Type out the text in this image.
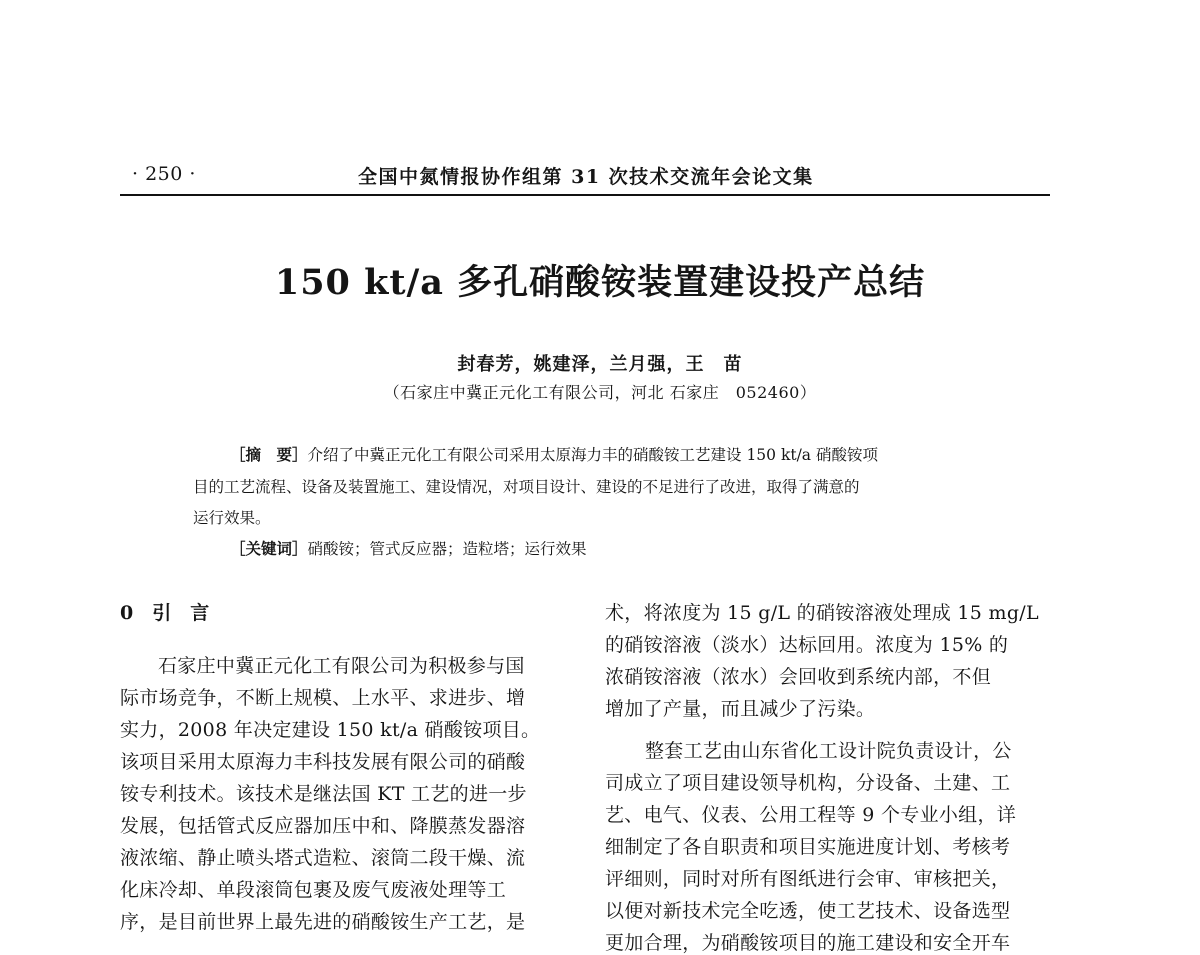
· 250 ·	全国中氮情报协作组第 31 次技术交流年会论文集
150 kt/a 多孔硝酸铵装置建设投产总结
封春芳，姚建泽，兰月强，王　苗
（石家庄中冀正元化工有限公司，河北 石家庄　052460）
［摘　要］介绍了中冀正元化工有限公司采用太原海力丰的硝酸铵工艺建设 150 kt/a 硝酸铵项
目的工艺流程、设备及装置施工、建设情况，对项目设计、建设的不足进行了改进，取得了满意的
运行效果。
［关键词］硝酸铵；管式反应器；造粒塔；运行效果
0　引　言
石家庄中冀正元化工有限公司为积极参与国
际市场竞争，不断上规模、上水平、求进步、增
实力，2008 年决定建设 150 kt/a 硝酸铵项目。
该项目采用太原海力丰科技发展有限公司的硝酸
铵专利技术。该技术是继法国 KT 工艺的进一步
发展，包括管式反应器加压中和、降膜蒸发器溶
液浓缩、静止喷头塔式造粒、滚筒二段干燥、流
化床冷却、单段滚筒包裹及废气废液处理等工
序，是目前世界上最先进的硝酸铵生产工艺，是
术，将浓度为 15 g/L 的硝铵溶液处理成 15 mg/L
的硝铵溶液（淡水）达标回用。浓度为 15% 的
浓硝铵溶液（浓水）会回收到系统内部，不但
增加了产量，而且减少了污染。
整套工艺由山东省化工设计院负责设计，公
司成立了项目建设领导机构，分设备、土建、工
艺、电气、仪表、公用工程等 9 个专业小组，详
细制定了各自职责和项目实施进度计划、考核考
评细则，同时对所有图纸进行会审、审核把关，
以便对新技术完全吃透，使工艺技术、设备选型
更加合理，为硝酸铵项目的施工建设和安全开车
